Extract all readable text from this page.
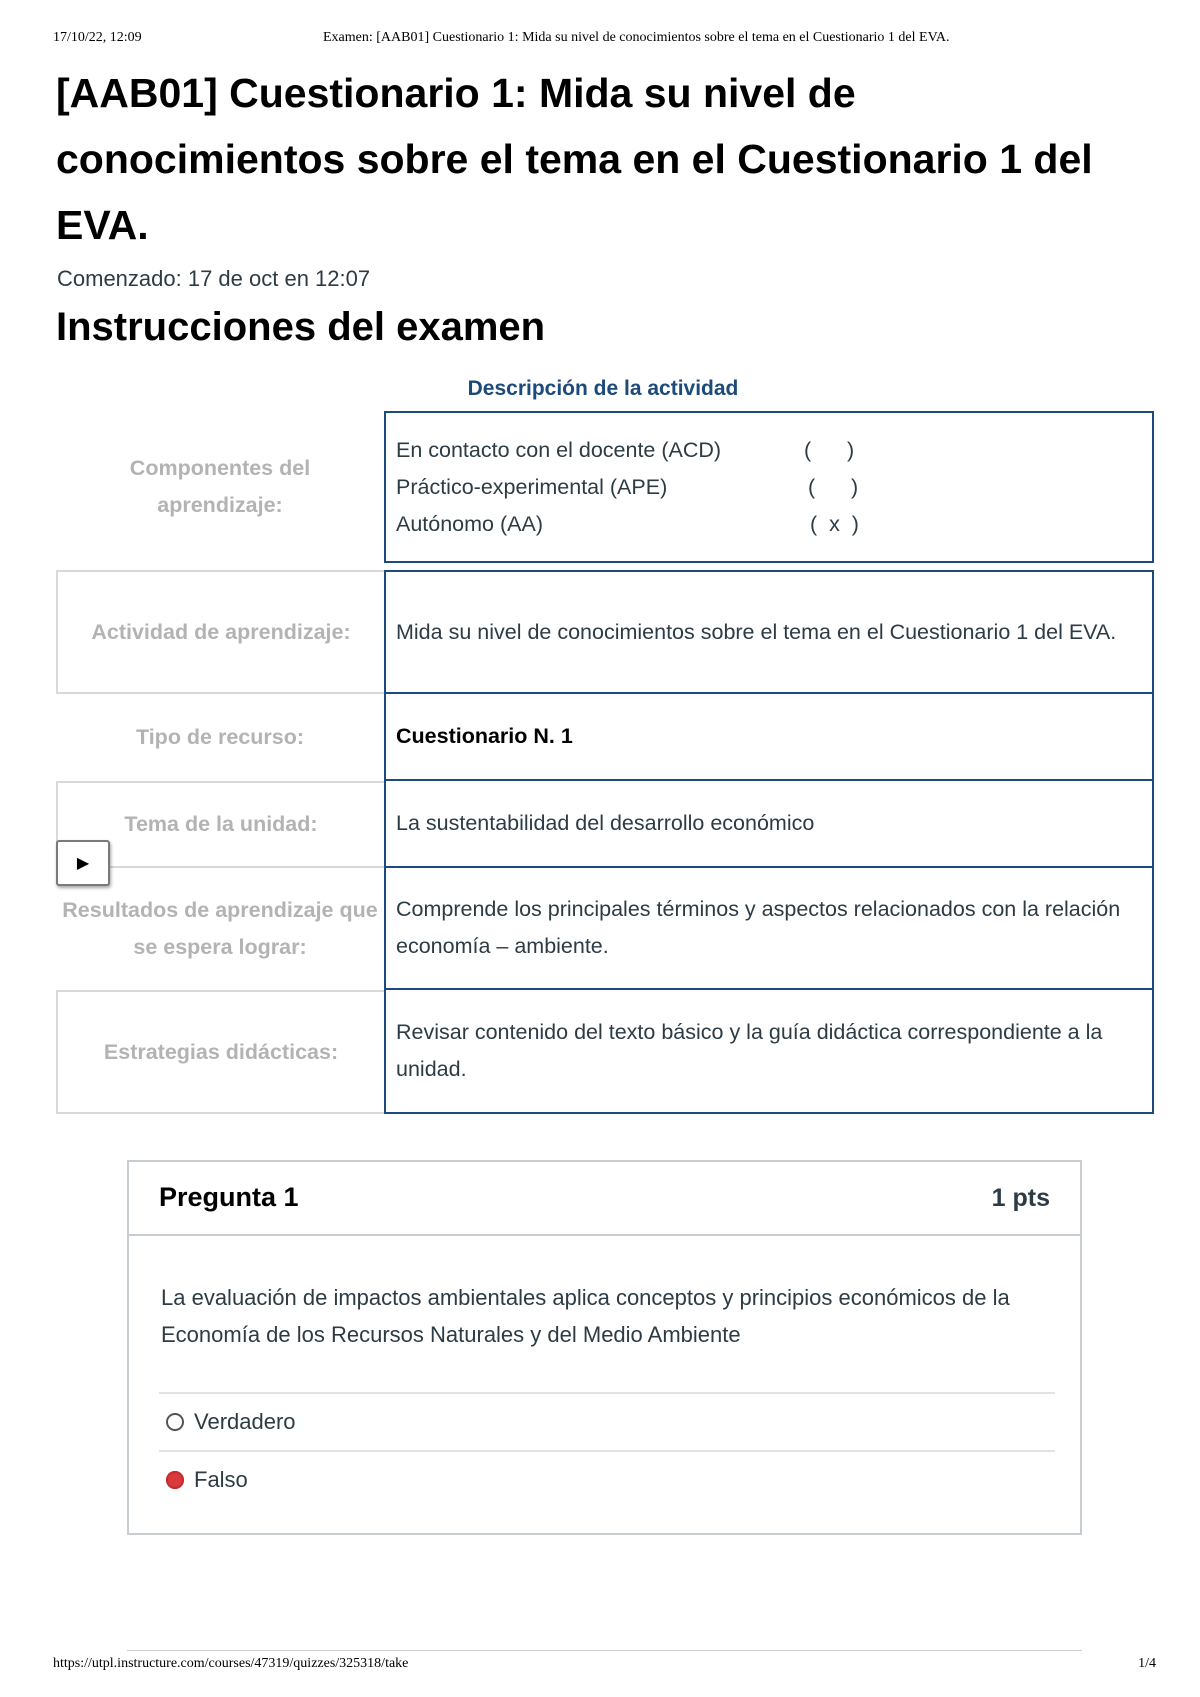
17/10/22, 12:09	Examen: [AAB01] Cuestionario 1: Mida su nivel de conocimientos sobre el tema en el Cuestionario 1 del EVA.
[AAB01] Cuestionario 1: Mida su nivel de conocimientos sobre el tema en el Cuestionario 1 del EVA.
Comenzado: 17 de oct en 12:07
Instrucciones del examen
Descripción de la actividad
Componentes del aprendizaje:
En contacto con el docente (ACD)	(      )
Práctico-experimental (APE)	(      )
Autónomo (AA)	(  x  )
Actividad de aprendizaje:	Mida su nivel de conocimientos sobre el tema en el Cuestionario 1 del EVA.
Tipo de recurso:	Cuestionario N. 1
Tema de la unidad:	La sustentabilidad del desarrollo económico
Resultados de aprendizaje que se espera lograr:
Comprende los principales términos y aspectos relacionados con la relación economía – ambiente.
Estrategias didácticas:
Revisar contenido del texto básico y la guía didáctica correspondiente a la unidad.
▶
Pregunta 1	1 pts
La evaluación de impactos ambientales aplica conceptos y principios económicos de la Economía de los Recursos Naturales y del Medio Ambiente
Verdadero
Falso
https://utpl.instructure.com/courses/47319/quizzes/325318/take	1/4
